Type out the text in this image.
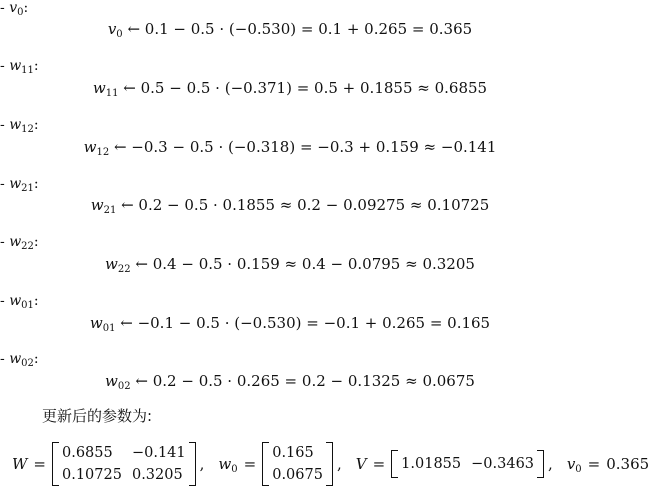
- $v_0$:
$v_0$ ← 0.1 − 0.5 · (−0.530) = 0.1 + 0.265 = 0.365
- $w_{11}$:
$w_{11}$ ← 0.5 − 0.5 · (−0.371) = 0.5 + 0.1855 ≈ 0.6855
- $w_{12}$:
$w_{12}$ ← −0.3 − 0.5 · (−0.318) = −0.3 + 0.159 ≈ −0.141
- $w_{21}$:
$w_{21}$ ← 0.2 − 0.5 · 0.1855 ≈ 0.2 − 0.09275 ≈ 0.10725
- $w_{22}$:
$w_{22}$ ← 0.4 − 0.5 · 0.159 ≈ 0.4 − 0.0795 ≈ 0.3205
- $w_{01}$:
$w_{01}$ ← −0.1 − 0.5 · (−0.530) = −0.1 + 0.265 = 0.165
- $w_{02}$:
$w_{02}$ ← 0.2 − 0.5 · 0.265 = 0.2 − 0.1325 ≈ 0.0675
更新后的参数为:
W =
0.6855	−0.141
0.10725 0.3205
, $w_0$ =
0.165
0.0675
, V = 1.01855 −0.3463 , $v_0 = 0.365$
